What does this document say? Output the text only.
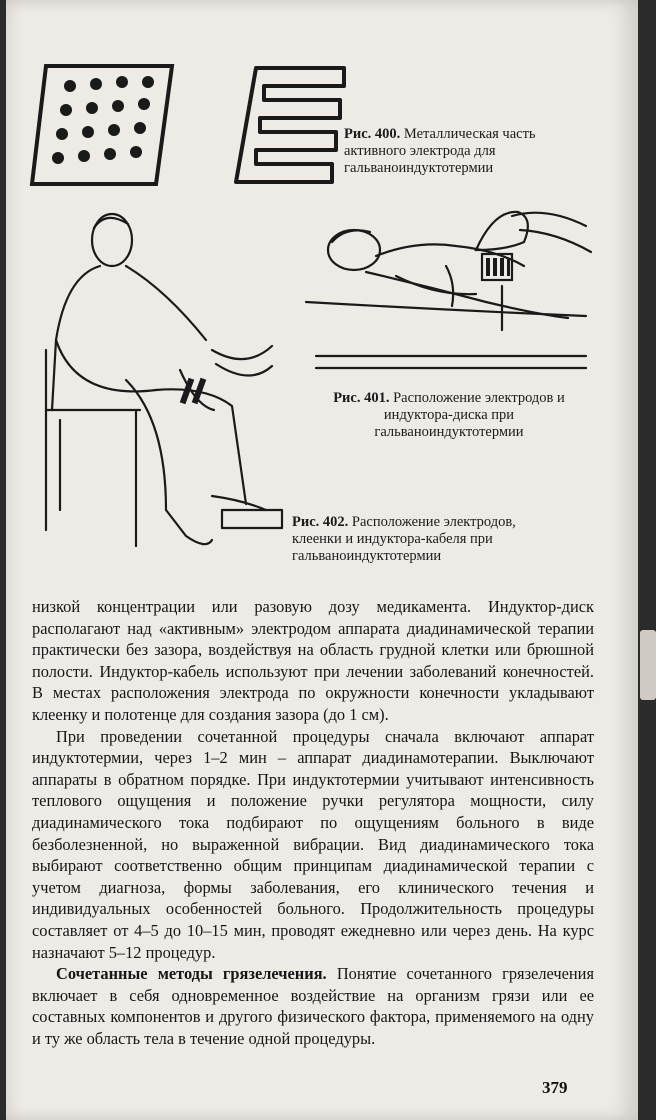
Рис. 400. Металлическая часть
активного электрода для
гальваноиндуктотермии
Рис. 401. Расположение электродов и
индуктора-диска при
гальваноиндуктотермии
Рис. 402. Расположение электродов,
клеенки и индуктора-кабеля при
гальваноиндуктотермии

низкой концентрации или разовую дозу медикамента. Индуктор-диск располагают над «активным» электродом аппарата диадинамической терапии практически без зазора, воздействуя на область грудной клетки или брюшной полости. Индуктор-кабель используют при лечении заболеваний конечностей. В местах расположения электрода по окружности конечности укладывают клеенку и полотенце для создания зазора (до 1 см).

При проведении сочетанной процедуры сначала включают аппарат индуктотермии, через 1–2 мин – аппарат диадинамотерапии. Выключают аппараты в обратном порядке. При индуктотермии учитывают интенсивность теплового ощущения и положение ручки регулятора мощности, силу диадинамического тока подбирают по ощущениям больного в виде безболезненной, но выраженной вибрации. Вид диадинамического тока выбирают соответственно общим принципам диадинамической терапии с учетом диагноза, формы заболевания, его клинического течения и индивидуальных особенностей больного. Продолжительность процедуры составляет от 4–5 до 10–15 мин, проводят ежедневно или через день. На курс назначают 5–12 процедур.

Сочетанные методы грязелечения. Понятие сочетанного грязелечения включает в себя одновременное воздействие на организм грязи или ее составных компонентов и другого физического фактора, применяемого на одну и ту же область тела в течение одной процедуры.

379
